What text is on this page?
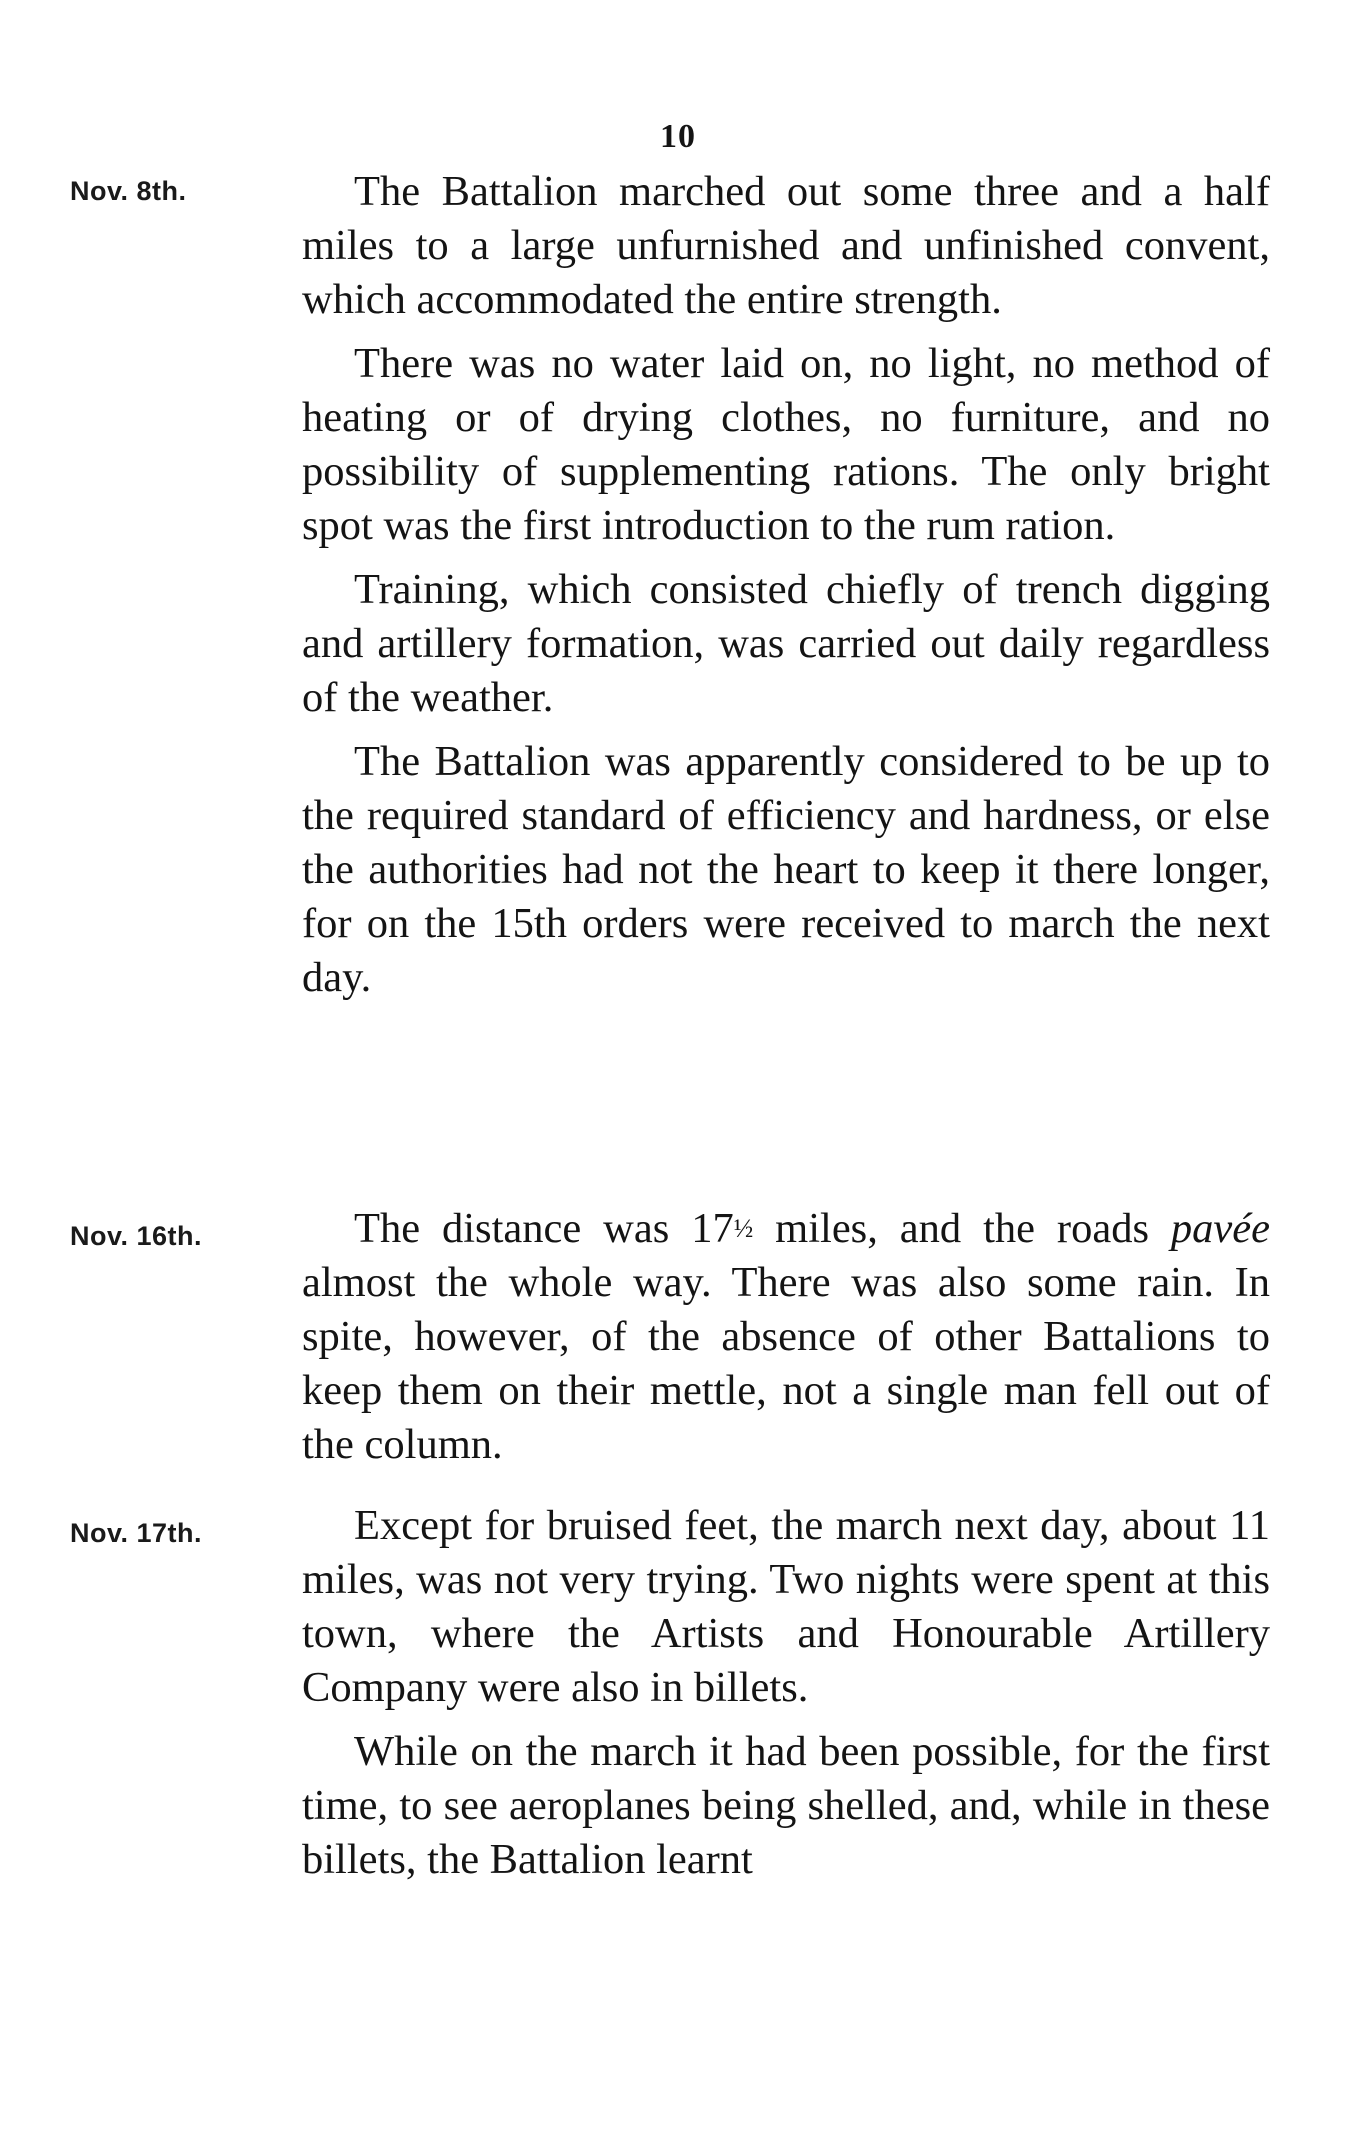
10
Nov. 8th.	The Battalion marched out some three and a half miles to a large unfurnished and unfinished convent, which accommodated the entire strength.

There was no water laid on, no light, no method of heating or of drying clothes, no furniture, and no possibility of supplementing rations. The only bright spot was the first introduction to the rum ration.

Training, which consisted chiefly of trench digging and artillery formation, was carried out daily regardless of the weather.

The Battalion was apparently considered to be up to the required standard of efficiency and hardness, or else the authorities had not the heart to keep it there longer, for on the 15th orders were received to march the next day.

Nov. 16th.	The distance was 17½ miles, and the roads pavée almost the whole way. There was also some rain. In spite, however, of the absence of other Battalions to keep them on their mettle, not a single man fell out of the column.

Nov. 17th.	Except for bruised feet, the march next day, about 11 miles, was not very trying. Two nights were spent at this town, where the Artists and Honourable Artillery Company were also in billets.

While on the march it had been possible, for the first time, to see aeroplanes being shelled, and, while in these billets, the Battalion learnt
